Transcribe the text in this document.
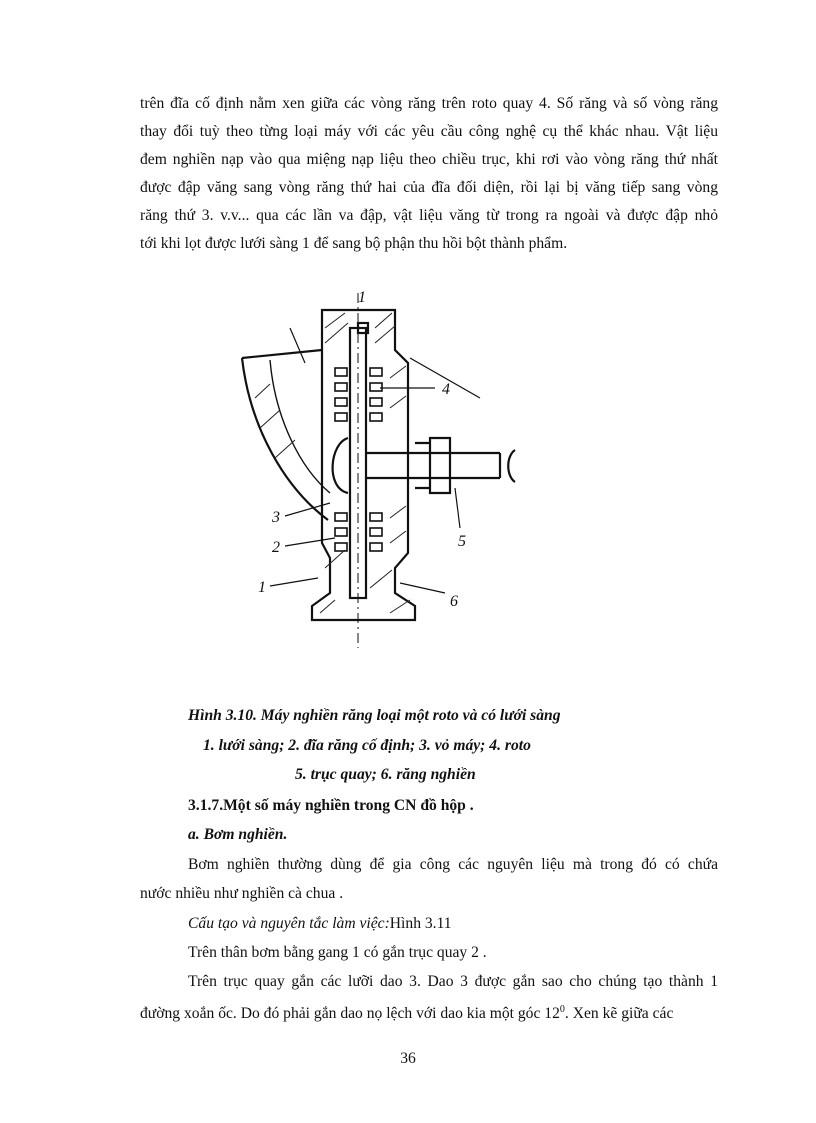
trên đĩa cố định nằm xen giữa các vòng răng trên roto quay 4. Số răng và số vòng răng
thay đổi tuỳ theo từng loại máy với các yêu cầu công nghệ cụ thể khác nhau. Vật liệu
đem nghiền nạp vào qua miệng nạp liệu theo chiều trục, khi rơi vào vòng răng thứ nhất
được đập văng sang vòng răng thứ hai của đĩa đối diện, rồi lại bị văng tiếp sang vòng
răng thứ 3. v.v... qua các lần va đập, vật liệu văng từ trong ra ngoài và được đập nhỏ
tới khi lọt được lưới sàng 1 để sang bộ phận thu hồi bột thành phẩm.
1
4
5
6
3
2
1
Hình 3.10. Máy nghiền răng loại một roto và có lưới sàng
1. lưới sàng; 2. đĩa răng cố định; 3. vỏ máy; 4. roto
5. trục quay; 6. răng nghiền
3.1.7.Một số máy nghiền trong CN đồ hộp .
a. Bơm nghiền.
Bơm nghiền thường dùng để gia công các nguyên liệu mà trong đó có chứa
nước nhiều như nghiền cà chua .
Cấu tạo và nguyên tắc làm việc:Hình 3.11
Trên thân bơm bằng gang 1 có gắn trục quay 2 .
Trên trục quay gắn các lưỡi dao 3. Dao 3 được gắn sao cho chúng tạo thành 1
đường xoắn ốc. Do đó phải gắn dao nọ lệch với dao kia một góc $12^0$. Xen kẽ giữa các
36
